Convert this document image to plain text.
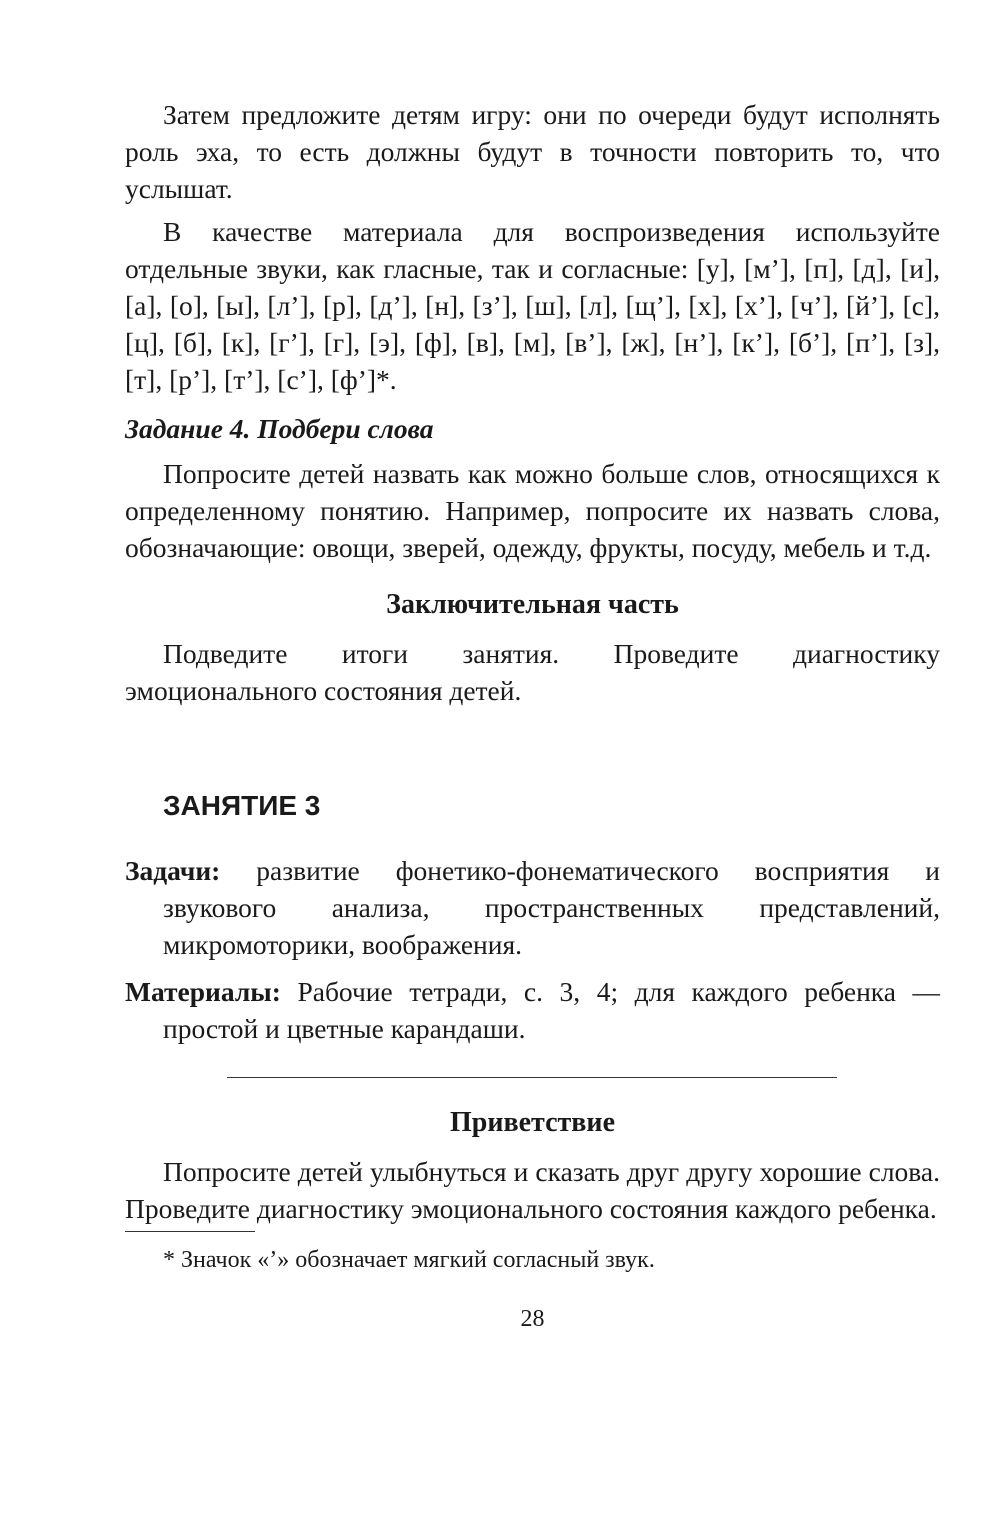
Затем предложите детям игру: они по очереди будут исполнять роль эха, то есть должны будут в точности повторить то, что услышат.

В качестве материала для воспроизведения используйте отдельные звуки, как гласные, так и согласные: [у], [м’], [п], [д], [и], [а], [о], [ы], [л’], [р], [д’], [н], [з’], [ш], [л], [щ’], [х], [х’], [ч’], [й’], [с], [ц], [б], [к], [г’], [г], [э], [ф], [в], [м], [в’], [ж], [н’], [к’], [б’], [п’], [з], [т], [р’], [т’], [с’], [ф’]*.

Задание 4. Подбери слова

Попросите детей назвать как можно больше слов, относящихся к определенному понятию. Например, попросите их назвать слова, обозначающие: овощи, зверей, одежду, фрукты, посуду, мебель и т.д.

Заключительная часть

Подведите итоги занятия. Проведите диагностику эмоционального состояния детей.

ЗАНЯТИЕ 3

Задачи: развитие фонетико-фонематического восприятия и звукового анализа, пространственных представлений, микромоторики, воображения.

Материалы: Рабочие тетради, с. 3, 4; для каждого ребенка — простой и цветные карандаши.

Приветствие

Попросите детей улыбнуться и сказать друг другу хорошие слова. Проведите диагностику эмоционального состояния каждого ребенка.

* Значок «’» обозначает мягкий согласный звук.
28
